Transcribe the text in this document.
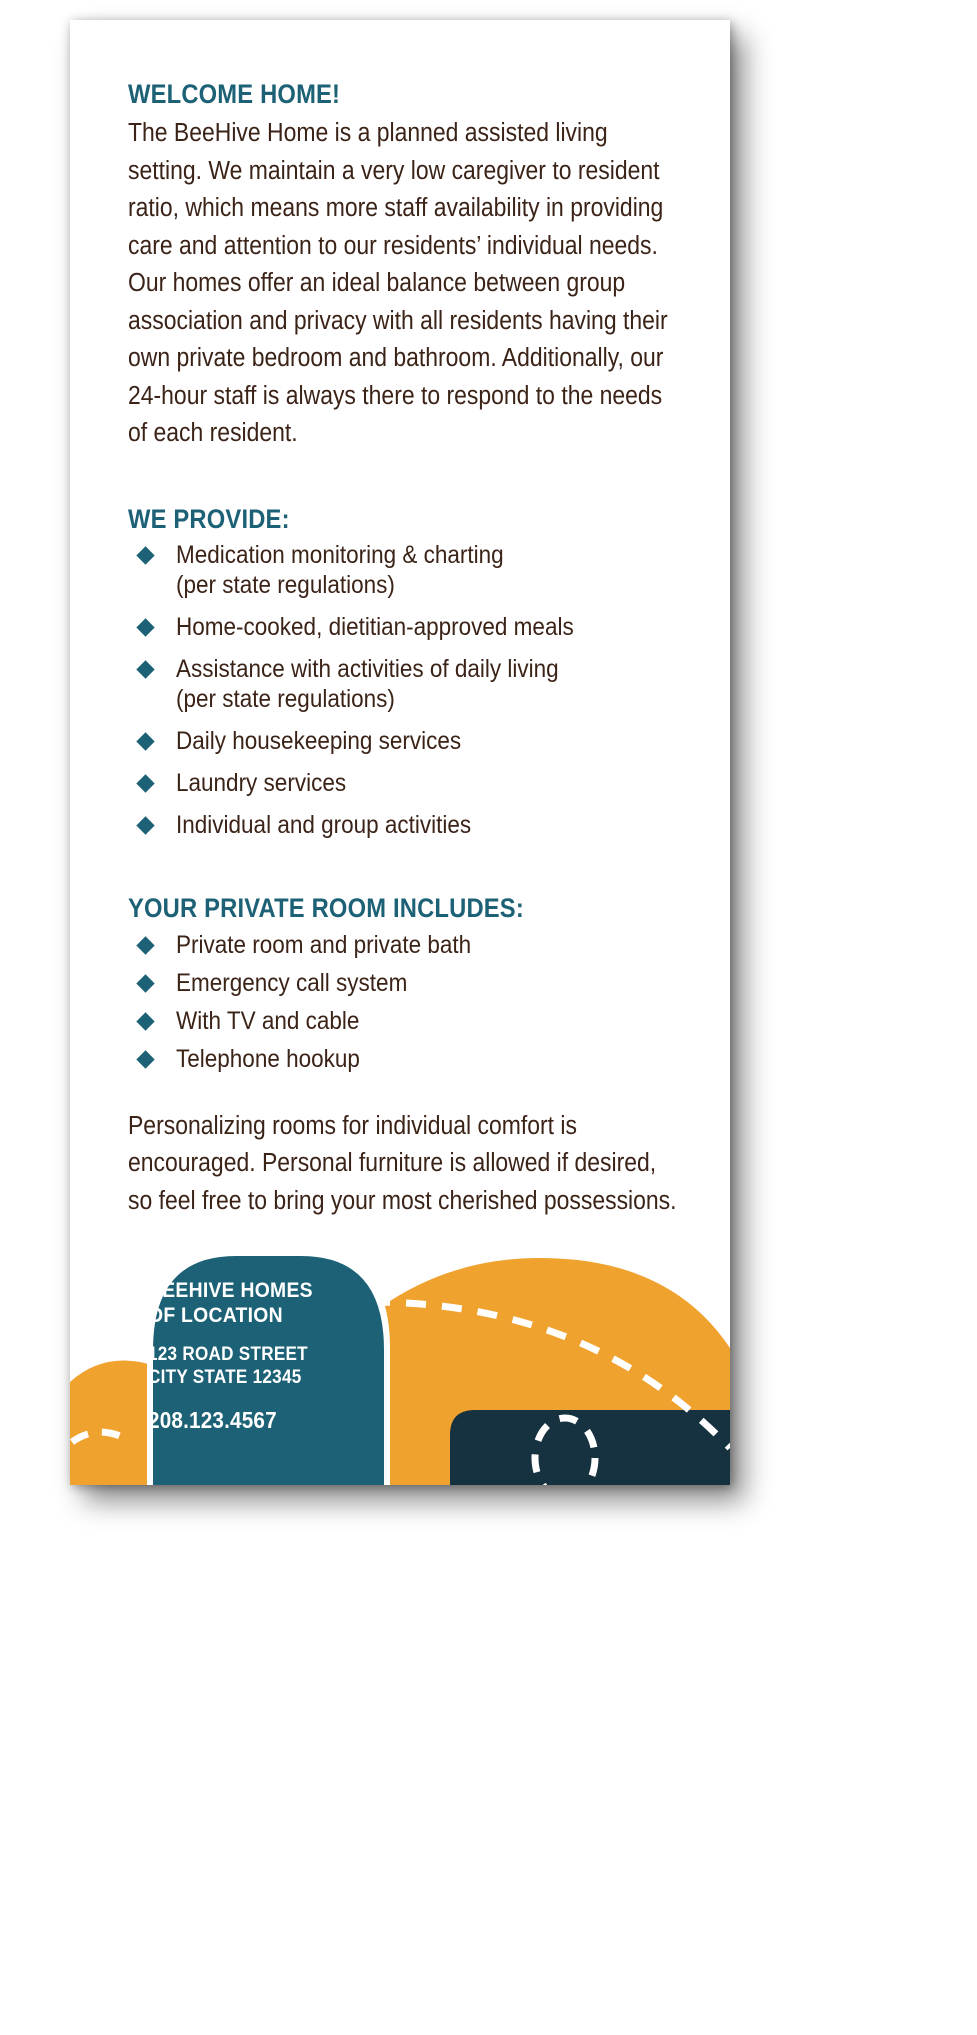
WELCOME HOME!

The BeeHive Home is a planned assisted living setting. We maintain a very low caregiver to resident ratio, which means more staff availability in providing care and attention to our residents’ individual needs. Our homes offer an ideal balance between group association and privacy with all residents having their own private bedroom and bathroom. Additionally, our 24-hour staff is always there to respond to the needs of each resident.

WE PROVIDE:
Medication monitoring & charting
(per state regulations)
Home-cooked, dietitian-approved meals
Assistance with activities of daily living
(per state regulations)
Daily housekeeping services
Laundry services
Individual and group activities
YOUR PRIVATE ROOM INCLUDES:
Private room and private bath
Emergency call system
With TV and cable
Telephone hookup

Personalizing rooms for individual comfort is encouraged. Personal furniture is allowed if desired, so feel free to bring your most cherished possessions.

BEEHIVE HOMES
OF LOCATION
123 ROAD STREET
CITY STATE 12345
208.123.4567
